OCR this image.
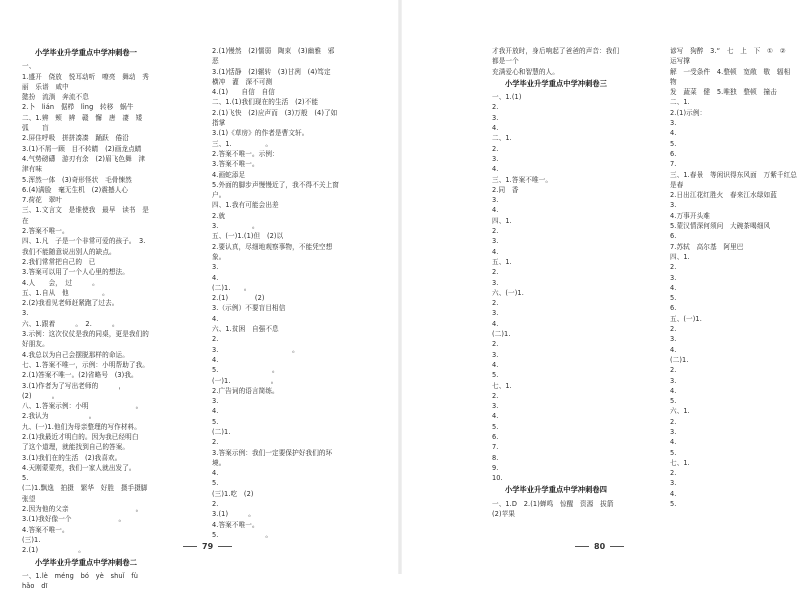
小学毕业升学重点中学冲刺卷一

一、

1.盛开　侥放　悦耳动听　嘹亮　舞动　秀丽　乐谱　咸中　

懿扮　流淌　奔流不息　

2.卜　lián　倨栉　lìng　转移　蜗牛　

二、1.辨　颊　辨　赣　懈　唐　凄　矮　弧　　盲　　　　

2.屏住呼吸　拼拼凑凑　踊跃　倦沿　

3.(1)不屑一顾　目不转睛　(2)画龙点睛　

4.气势磅礴　游刃有余　(2)眉飞色舞　津津有味

5.浑然一体　(3)奇形怪状　毛骨悚然　

6.(4)满脸　毫无生机　(2)震撼人心

7.荷花　翠叶　

三、1.文言文　是谁使我　最早　读书　是在

2.答案不唯一。

四、1.凡　子是一个非常可爱的孩子。　3.我们不能随意说出别人的缺点。

2.我们常常把自己的　已

3.答案可以用了一个人心里的想法。

4.人　　会，　过　　　。

五、1.自从　他　　　　　。

2.(2)我看见老师赶紧跑了过去。

3.　　　　　　　　　　

六、1.跟着　　　。　2.　　　。

3.示例：这次仪仗是我的同桌，更是我们的好朋友。

4.我总以为自己会摆脱那样的命运。

七、1.答案不唯一，示例：小明帮助了我。

2.(1)答案不唯一。(2)省略号　(3)我。

3.(1)作者为了写出老师的　　　，

(2)　　　。

八、1.答案示例：小明　　　　　　　。

2.我认为　　　　　　。

九、(一)1.他们为母亲整理的写作材料。

2.(1)我最近才明白的。因为我已经明白

了这个道理，就能找到自己的答案。

3.(1)我们在的生活　(2)我喜欢。

4.天刚蒙蒙亮，我们一家人就出发了。

5.　　　　　　　　　　　

(二)1.飘逸　拍摄　繁华　好胜　摄手摄脚　张望

2.因为他的父亲　　　　　　　　　　。

3.(1)我好像一个　　　　　　　。

4.答案不唯一。

(三)1.　　　　　　　　　

2.(1)　　　　　　。

小学毕业升学重点中学冲刺卷二

一、1.lè　méng　bó　yè　shuǐ　fù　hǎo　dī

2.(1)慢然　(2)懦弱　陶束　(3)幽雅　邪恶

3.(1)恬静　(2)辗转　(3)甘冽　(4)笃定　

横冲　灌　深不可测　　　

4.(1)　　自信　自信　

二、1.(1)我们现在的生活　(2)不能　　　

2.(1)飞快　(2)应声而　(3)万般　(4)了如指掌

3.(1)《草房》的作者是曹文轩。

三、1.　　　　　。　

2.答案不唯一。示例：　　　

3.答案不唯一。

4.画蛇添足　

5.外面的脚步声慢慢近了，我不得不关上窗户。

四、1.我有可能会出差　　　

2.就　　　　　　　　　

3.　　　　　。

五、(一)1.(1)但　(2)以　

2.要认真，尽细地观察事物，不能凭空想象。

3.　　　　　　

4.　　　　　　　　　

(二)1.　　。　

2.(1)　　　　(2)　　　

3.（示例）不要盲目相信　　　

4.　　　

六、1.贫困　自强不息

2.　　

3.　　　　　　　　　　　。

4.　　　　　　　　

5.　　　　　　　　。

(一)1.　　　　　　。

2.广告词的语言简练。

3.　　　　　　　　　　

4.　　　　　　　　

5.　　

(二)1.　　　　　　　

2.　　　　　　　　　

3.答案示例：我们一定要保护好我们的环境。

4.　　　　　　　　

5.　　　　

(三)1.吃　(2)　　　　

2.　　

3.(1)　　　。　　　

4.答案不唯一。

5.　　　　　　　。

79

才我开放时，身后响起了爸爸的声音：我们都是一个

充满爱心和智慧的人。

小学毕业升学重点中学冲刺卷三

一、1.(1)　　　　　　　　

2.　　　　　　　　　　　

3.　　　　　　　　　

4.　　　　　　　　　

二、1.　　　　　　　

2.　　　　　　　　　　

3.　　　　　

4.　　　　　　　　　

三、1.答案不唯一。

2.同　香　　　　

3.　　　　　　　　

4.　　　　　

四、1.　　　　　　　　

2.　　　　　

3.　　　　　　

4.　　　　　　　　　　

五、1.　　　　　　

2.　　　　　　　　　

3.　　　　　

六、(一)1.　　　　　　

2.　　　　　　　　

3.　　　　　　　

4.　　　　

(二)1.　　　　　

2.　　　　　　　　

3.　　　　　　

4.　　　　　　　

5.　　　　

七、1.　　　　　　　

2.　　　　　　　　

3.　　　　　　

4.　　　　　

5.　　　　　　

6.　　　　

7.　　　　

8.　　　

9.　　　

10.　　　　　

小学毕业升学重点中学冲刺卷四

一、1.D　2.(1)蝉鸣　惊醒　资源　拔箭　(2)苹果

谚写　狗醉　3.“　七　上　下　①　②　运写撑

解　一受条件　4.整顿　宽敞　敬　辐相　物

发　蔬菜　健　5.唯独　整顿　撞击

二、1.　　　　　　　　

2.(1)示例：　　　　　　　

3.　　　　　　　

4.　　　　

5.　　　　　　

6.　　　　　

7.　　　　

三、1.春景　等闲识得东风面　万紫千红总是春

2.日出江花红胜火　春来江水绿如蓝

3.　　　　

4.万事开头难　

5.蒙汉情深何须问　大碗茶喝细风

6.　　　　

7.苏轼　高尔基　阿里巴

四、1.　　　　　　　

2.　　　　　　　　

3.　　　　　　

4.　　　　　　

5.　　　　　

6.　　　　　　　　

五、(一)1.　　　　　　

2.　　　　　　　　

3.　　　　　　　

4.　　　　　

(二)1.　　　　　　

2.　　　　　　　　

3.　　　　　　　　

4.　　　　　

5.　　　　　　

六、1.　　　　　　

2.　　　　　　

3.　　　　　　　　　

4.　　　　　　

5.　　　　　

七、1.　　　　

2.　　　　　　

3.　　　　

4.　　　　

5.　　　　　

80
